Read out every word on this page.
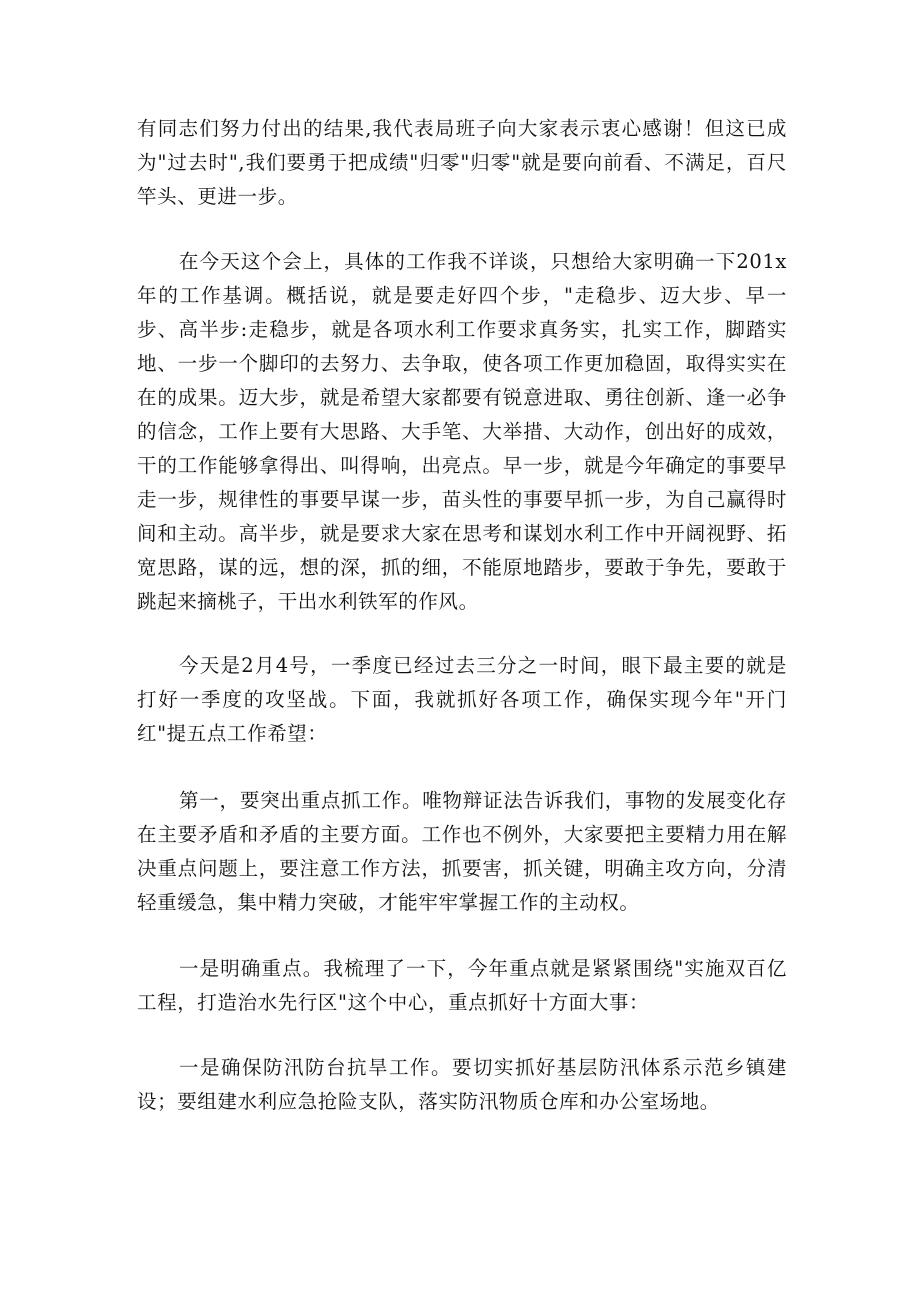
有同志们努力付出的结果,我代表局班子向大家表示衷心感谢！但这已成为"过去时",我们要勇于把成绩"归零"归零"就是要向前看、不满足，百尺竿头、更进一步。

在今天这个会上，具体的工作我不详谈，只想给大家明确一下201x年的工作基调。概括说，就是要走好四个步，"走稳步、迈大步、早一步、高半步:走稳步，就是各项水利工作要求真务实，扎实工作，脚踏实地、一步一个脚印的去努力、去争取，使各项工作更加稳固，取得实实在在的成果。迈大步，就是希望大家都要有锐意进取、勇往创新、逢一必争的信念，工作上要有大思路、大手笔、大举措、大动作，创出好的成效，干的工作能够拿得出、叫得响，出亮点。早一步，就是今年确定的事要早走一步，规律性的事要早谋一步，苗头性的事要早抓一步，为自己赢得时间和主动。高半步，就是要求大家在思考和谋划水利工作中开阔视野、拓宽思路，谋的远，想的深，抓的细，不能原地踏步，要敢于争先，要敢于跳起来摘桃子，干出水利铁军的作风。

今天是2月4号，一季度已经过去三分之一时间，眼下最主要的就是打好一季度的攻坚战。下面，我就抓好各项工作，确保实现今年"开门红"提五点工作希望：

第一，要突出重点抓工作。唯物辩证法告诉我们，事物的发展变化存在主要矛盾和矛盾的主要方面。工作也不例外，大家要把主要精力用在解决重点问题上，要注意工作方法，抓要害，抓关键，明确主攻方向，分清轻重缓急，集中精力突破，才能牢牢掌握工作的主动权。

一是明确重点。我梳理了一下，今年重点就是紧紧围绕"实施双百亿工程，打造治水先行区"这个中心，重点抓好十方面大事：

一是确保防汛防台抗旱工作。要切实抓好基层防汛体系示范乡镇建设；要组建水利应急抢险支队，落实防汛物质仓库和办公室场地。
